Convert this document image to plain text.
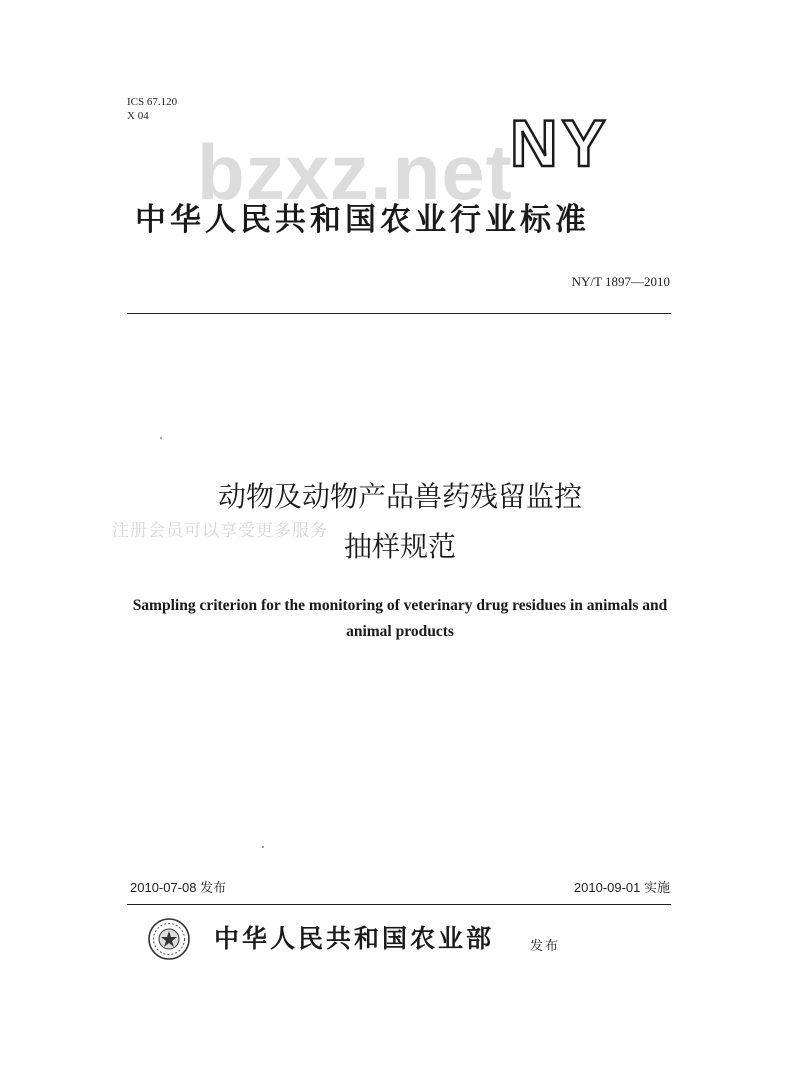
ICS 67.120
X 04
bzxz.net
NY
中华人民共和国农业行业标准
NY/T 1897—2010
注册会员可以享受更多服务
动物及动物产品兽药残留监控
抽样规范
Sampling criterion for the monitoring of veterinary drug residues in animals and animal products
2010-07-08 发布	2010-09-01 实施
中华人民共和国农业部	发布
